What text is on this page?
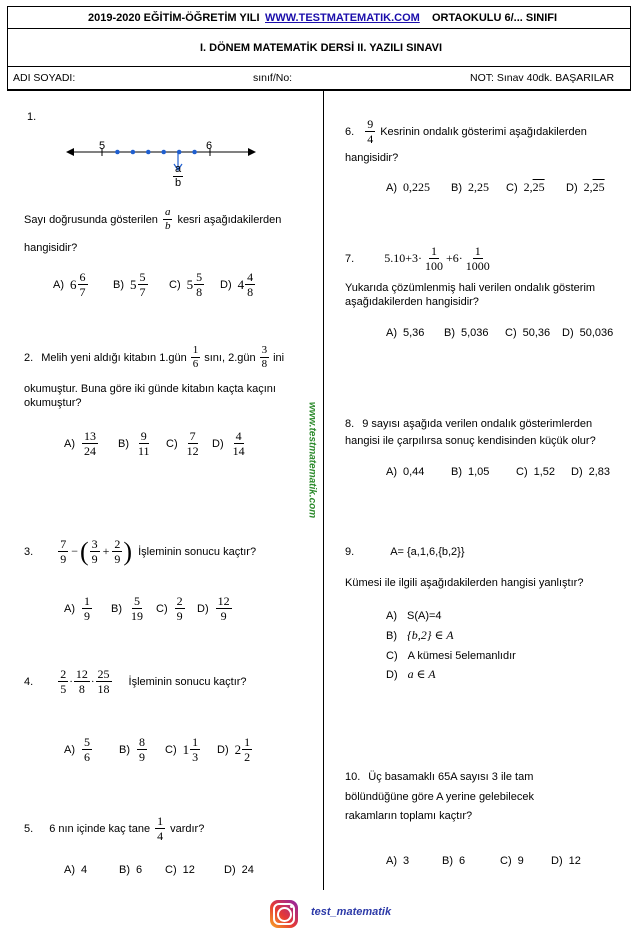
2019-2020 EĞİTİM-ÖĞRETİM YILI WWW.TESTMATEMATIK.COM ORTAOKULU 6/... SINIFI
I. DÖNEM MATEMATİK DERSİ II. YAZILI SINAVI
ADI SOYADI:	sınıf/No:	NOT: Sınav 40dk. BAŞARILAR
www.testmatematik.com
1.
5	6
$\frac{a}{b}$
Sayı doğrusunda gösterilen $\frac{a}{b}$ kesri aşağıdakilerden
hangisidir?
A) $6 \frac{6}{7} B$) $5 \frac{5}{7} C$) $5 \frac{5}{8} D$) $4 \frac{4}{8}$
2. Melih yeni aldığı kitabın 1.gün $\frac{1}{6}$ sını, 2.gün $\frac{3}{8}$ ini
okumuştur. Buna göre iki günde kitabın kaçta kaçını
okumuştur?
$A) \frac{13}{24} B) \frac{9}{11} C) \frac{7}{12} D) \frac{4}{14}$
3. $\frac{7}{9}$ − ( $\frac{3}{9} + \frac{2}{9}$ ) İşleminin sonucu kaçtır?
$A) \frac{1}{9} B) \frac{5}{19} C) \frac{2}{9} D) \frac{12}{9}$
4. $\frac{2}{5} \cdot \frac{12}{8} \cdot \frac{25}{18}$ İşleminin sonucu kaçtır?
$A) \frac{5}{6} B) \frac{8}{9} C$) $1 \frac{1}{3} D$) $2 \frac{1}{2}$
5. 6 nın içinde kaç tane $\frac{1}{4}$ vardır?
A) 4	B) 6 C) 12	D) 24
6. $\frac{9}{4}$ Kesrinin ondalık gösterimi aşağıdakilerden
hangisidir?
A) 0,225 B) 2,25 C) 2, 25 D) 2, 25
7.	$5.10+3\cdot \frac{1}{100} +6\cdot \frac{1}{1000}$
Yukarıda çözümlenmiş hali verilen ondalık gösterim
aşağıdakilerden hangisidir?
A) 5,36 B) 5,036 C) 50,36 D) 50,036
8. 9 sayısı aşağıda verilen ondalık gösterimlerden
hangisi ile çarpılırsa sonuç kendisinden küçük olur?
A) 0,44 B) 1,05 C) 1,52 D) 2,83
9.	A= {a,1,6,{b,2}}
Kümesi ile ilgili aşağıdakilerden hangisi yanlıştır?
A) S(A)=4
B) {b,2} ∈ A
C) A kümesi 5elemanlıdır
D) a ∈ A
10. Üç basamaklı 65A sayısı 3 ile tam
bölündüğüne göre A yerine gelebilecek
rakamların toplamı kaçtır?
A) 3	B) 6	C) 9 D) 12
test_matematik
